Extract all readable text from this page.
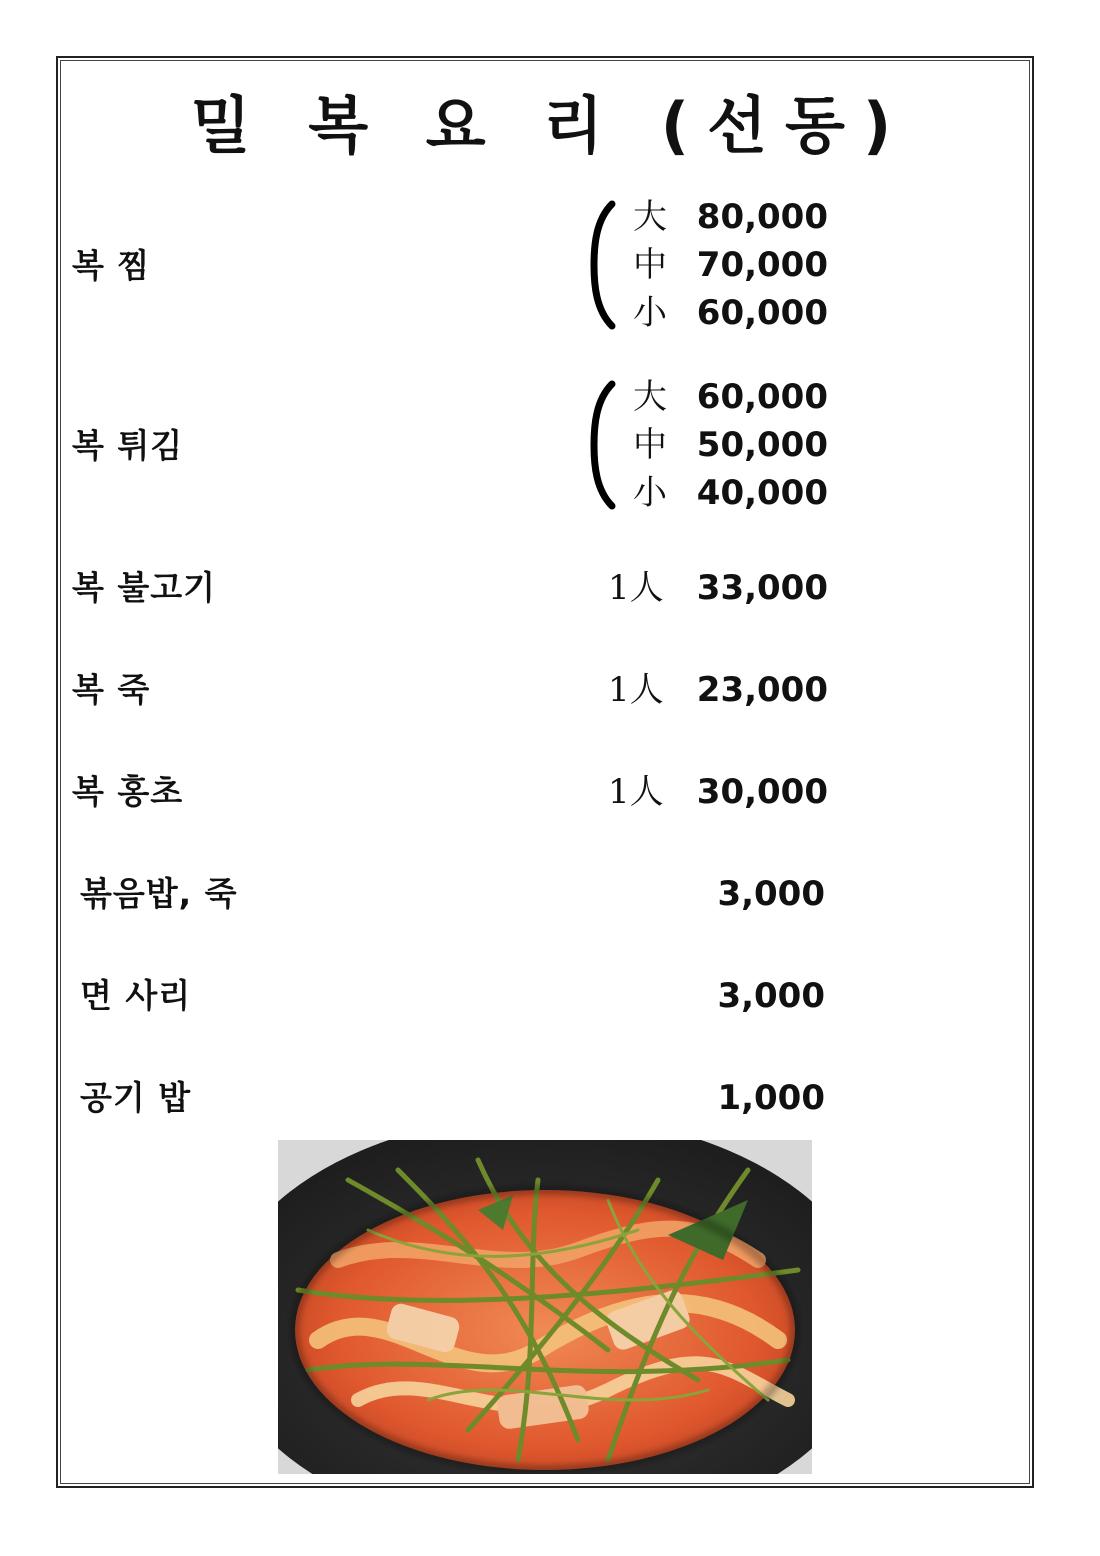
밀 복 요 리 (선동)
복 찜
大 80,000
中 70,000
小 60,000
복 튀김
大 60,000
中 50,000
小 40,000
복 불고기	1人 33,000
복 죽	1人 23,000
복 홍초	1人 30,000
볶음밥, 죽	3,000
면 사리	3,000
공기 밥	1,000
